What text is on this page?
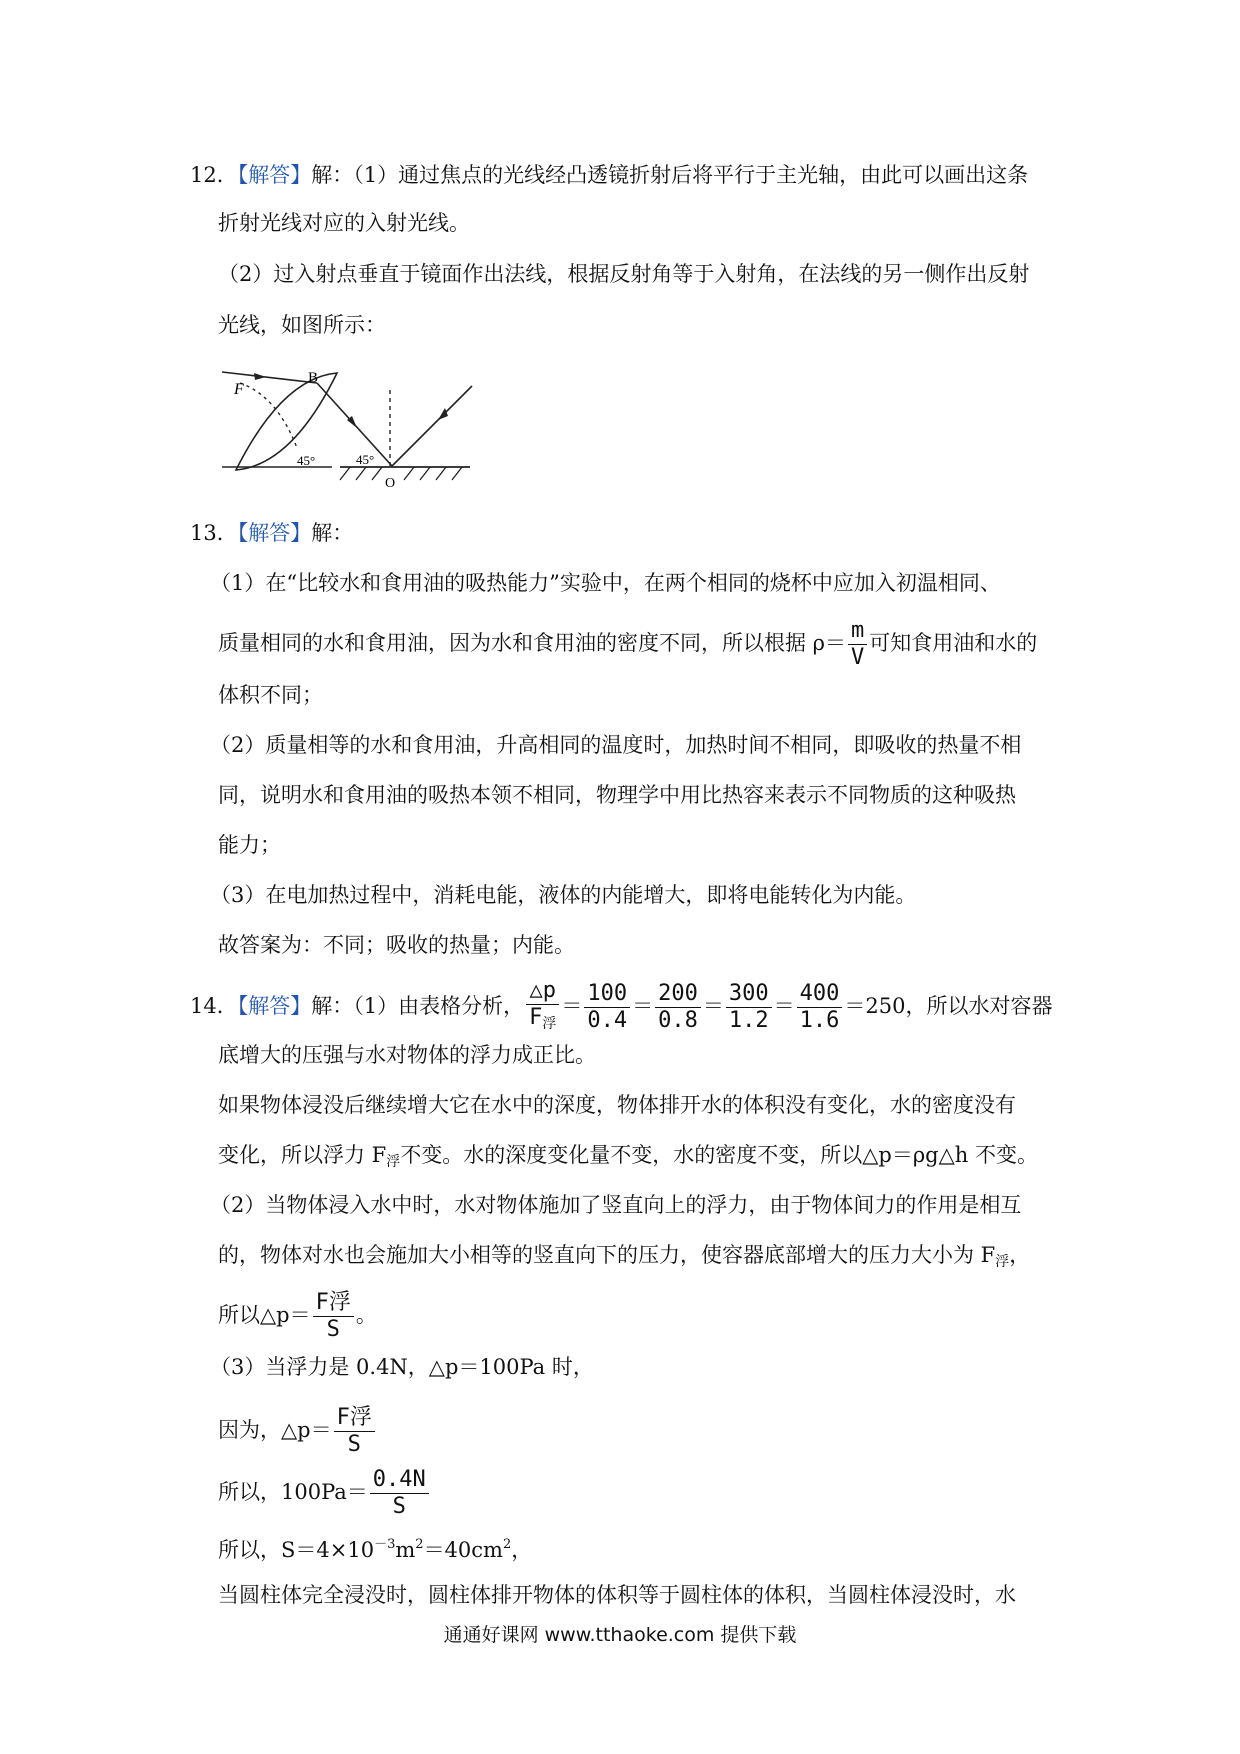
12．【解答】解：（1）通过焦点的光线经凸透镜折射后将平行于主光轴，由此可以画出这条
折射光线对应的入射光线。
（2）过入射点垂直于镜面作出法线，根据反射角等于入射角，在法线的另一侧作出反射
光线，如图所示：
F
45°
B
45°
O
13．【解答】解：
（1）在“比较水和食用油的吸热能力”实验中，在两个相同的烧杯中应加入初温相同、
质量相同的水和食用油，因为水和食用油的密度不同，所以根据 $\rho= \frac{m}{V}$ 可知食用油和水的
体积不同；
（2）质量相等的水和食用油，升高相同的温度时，加热时间不相同，即吸收的热量不相
同，说明水和食用油的吸热本领不相同，物理学中用比热容来表示不同物质的这种吸热
能力；
（3）在电加热过程中，消耗电能，液体的内能增大，即将电能转化为内能。
故答案为：不同；吸收的热量；内能。
14．【解答】解：（1）由表格分析， $\frac{\triangle p}{F_浮} = \frac{100}{0.4} = \frac{200}{0.8} = \frac{300}{1.2} = \frac{400}{1.6} =250$，所以水对容器
底增大的压强与水对物体的浮力成正比。
如果物体浸没后继续增大它在水中的深度，物体排开水的体积没有变化，水的密度没有
变化，所以浮力 $F_浮$不变。水的深度变化量不变，水的密度不变，所以△p＝ρg△h 不变。
（2）当物体浸入水中时，水对物体施加了竖直向上的浮力，由于物体间力的作用是相互
的，物体对水也会施加大小相等的竖直向下的压力，使容器底部增大的压力大小为 $F_浮$，
所以△p＝ $\frac{\text{F浮}}{S}$ 。
（3）当浮力是 0.4N，△p＝100Pa 时，
因为，△p＝ $\frac{\text{F浮}}{S}$
所以，$100Pa= \frac{0.4N}{S}$
所以，$S=4\times 10^{-3}m^2=40cm^2$，
当圆柱体完全浸没时，圆柱体排开物体的体积等于圆柱体的体积，当圆柱体浸没时，水
通通好课网 www.tthaoke.com 提供下载
